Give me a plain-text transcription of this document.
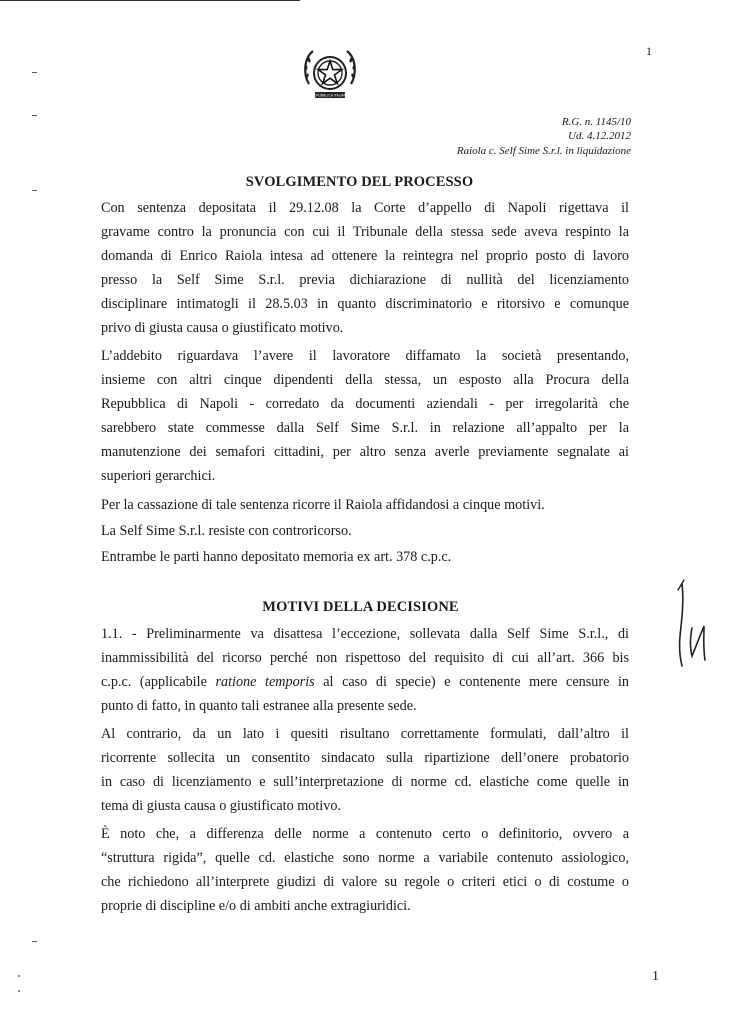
1
REPUBBLICA ITALIANA
R.G. n. 1145/10
Ud. 4.12.2012
Raiola c. Self Sime S.r.l. in liquidazione
SVOLGIMENTO DEL PROCESSO
Con sentenza depositata il 29.12.08 la Corte d’appello di Napoli rigettava il
gravame contro la pronuncia con cui il Tribunale della stessa sede aveva respinto la
domanda di Enrico Raiola intesa ad ottenere la reintegra nel proprio posto di lavoro
presso la Self Sime S.r.l. previa dichiarazione di nullità del licenziamento
disciplinare intimatogli il 28.5.03 in quanto discriminatorio e ritorsivo e comunque
privo di giusta causa o giustificato motivo.
L’addebito riguardava l’avere il lavoratore diffamato la società presentando,
insieme con altri cinque dipendenti della stessa, un esposto alla Procura della
Repubblica di Napoli - corredato da documenti aziendali - per irregolarità che
sarebbero state commesse dalla Self Sime S.r.l. in relazione all’appalto per la
manutenzione dei semafori cittadini, per altro senza averle previamente segnalate ai
superiori gerarchici.
Per la cassazione di tale sentenza ricorre il Raiola affidandosi a cinque motivi.
La Self Sime S.r.l. resiste con controricorso.
Entrambe le parti hanno depositato memoria ex art. 378 c.p.c.
MOTIVI DELLA DECISIONE
1.1. - Preliminarmente va disattesa l’eccezione, sollevata dalla Self Sime S.r.l., di
inammissibilità del ricorso perché non rispettoso del requisito di cui all’art. 366 bis
c.p.c. (applicabile ratione temporis al caso di specie) e contenente mere censure in
punto di fatto, in quanto tali estranee alla presente sede.
Al contrario, da un lato i quesiti risultano correttamente formulati, dall’altro il
ricorrente sollecita un consentito sindacato sulla ripartizione dell’onere probatorio
in caso di licenziamento e sull’interpretazione di norme cd. elastiche come quelle in
tema di giusta causa o giustificato motivo.
È noto che, a differenza delle norme a contenuto certo o definitorio, ovvero a
“struttura rigida”, quelle cd. elastiche sono norme a variabile contenuto assiologico,
che richiedono all’interprete giudizi di valore su regole o criteri etici o di costume o
proprie di discipline e/o di ambiti anche extragiuridici.
1
